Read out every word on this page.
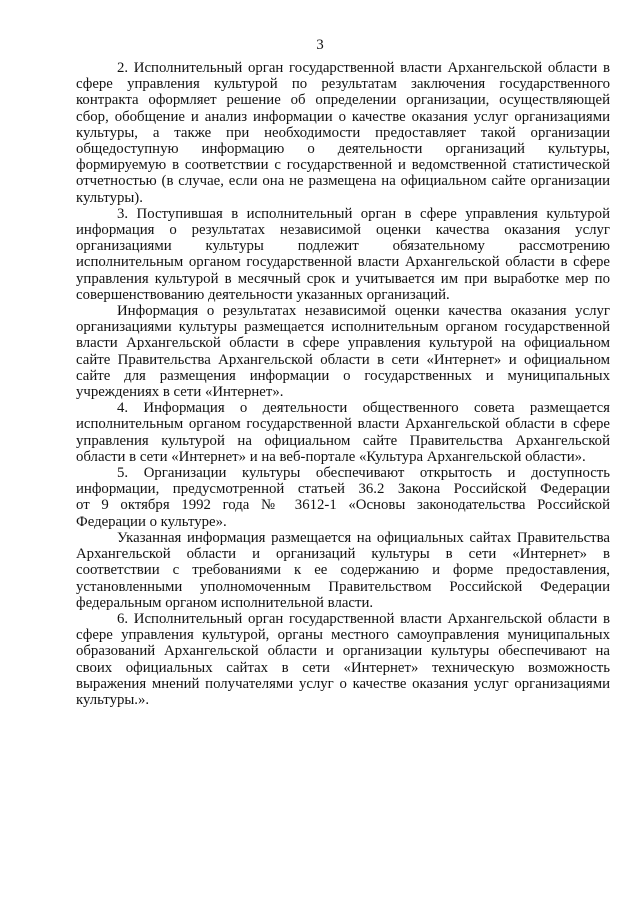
3

2. Исполнительный орган государственной власти Архангельской области в
сфере управления культурой по результатам заключения государственного
контракта оформляет решение об определении организации, осуществляющей
сбор, обобщение и анализ информации о качестве оказания услуг организациями
культуры, а также при необходимости предоставляет такой организации
общедоступную информацию о деятельности организаций культуры,
формируемую в соответствии с государственной и ведомственной статистической
отчетностью (в случае, если она не размещена на официальном сайте организации
культуры).

3. Поступившая в исполнительный орган в сфере управления культурой
информация о результатах независимой оценки качества оказания услуг
организациями культуры подлежит обязательному рассмотрению
исполнительным органом государственной власти Архангельской области в сфере
управления культурой в месячный срок и учитывается им при выработке мер по
совершенствованию деятельности указанных организаций.

Информация о результатах независимой оценки качества оказания услуг
организациями культуры размещается исполнительным органом государственной
власти Архангельской области в сфере управления культурой на официальном
сайте Правительства Архангельской области в сети «Интернет» и официальном
сайте для размещения информации о государственных и муниципальных
учреждениях в сети «Интернет».

4. Информация о деятельности общественного совета размещается
исполнительным органом государственной власти Архангельской области в сфере
управления культурой на официальном сайте Правительства Архангельской
области в сети «Интернет» и на веб-портале «Культура Архангельской области».

5. Организации культуры обеспечивают открытость и доступность
информации, предусмотренной статьей 36.2 Закона Российской Федерации
от 9 октября 1992 года № 3612-1 «Основы законодательства Российской
Федерации о культуре».

Указанная информация размещается на официальных сайтах Правительства
Архангельской области и организаций культуры в сети «Интернет» в
соответствии с требованиями к ее содержанию и форме предоставления,
установленными уполномоченным Правительством Российской Федерации
федеральным органом исполнительной власти.

6. Исполнительный орган государственной власти Архангельской области в
сфере управления культурой, органы местного самоуправления муниципальных
образований Архангельской области и организации культуры обеспечивают на
своих официальных сайтах в сети «Интернет» техническую возможность
выражения мнений получателями услуг о качестве оказания услуг организациями
культуры.».
